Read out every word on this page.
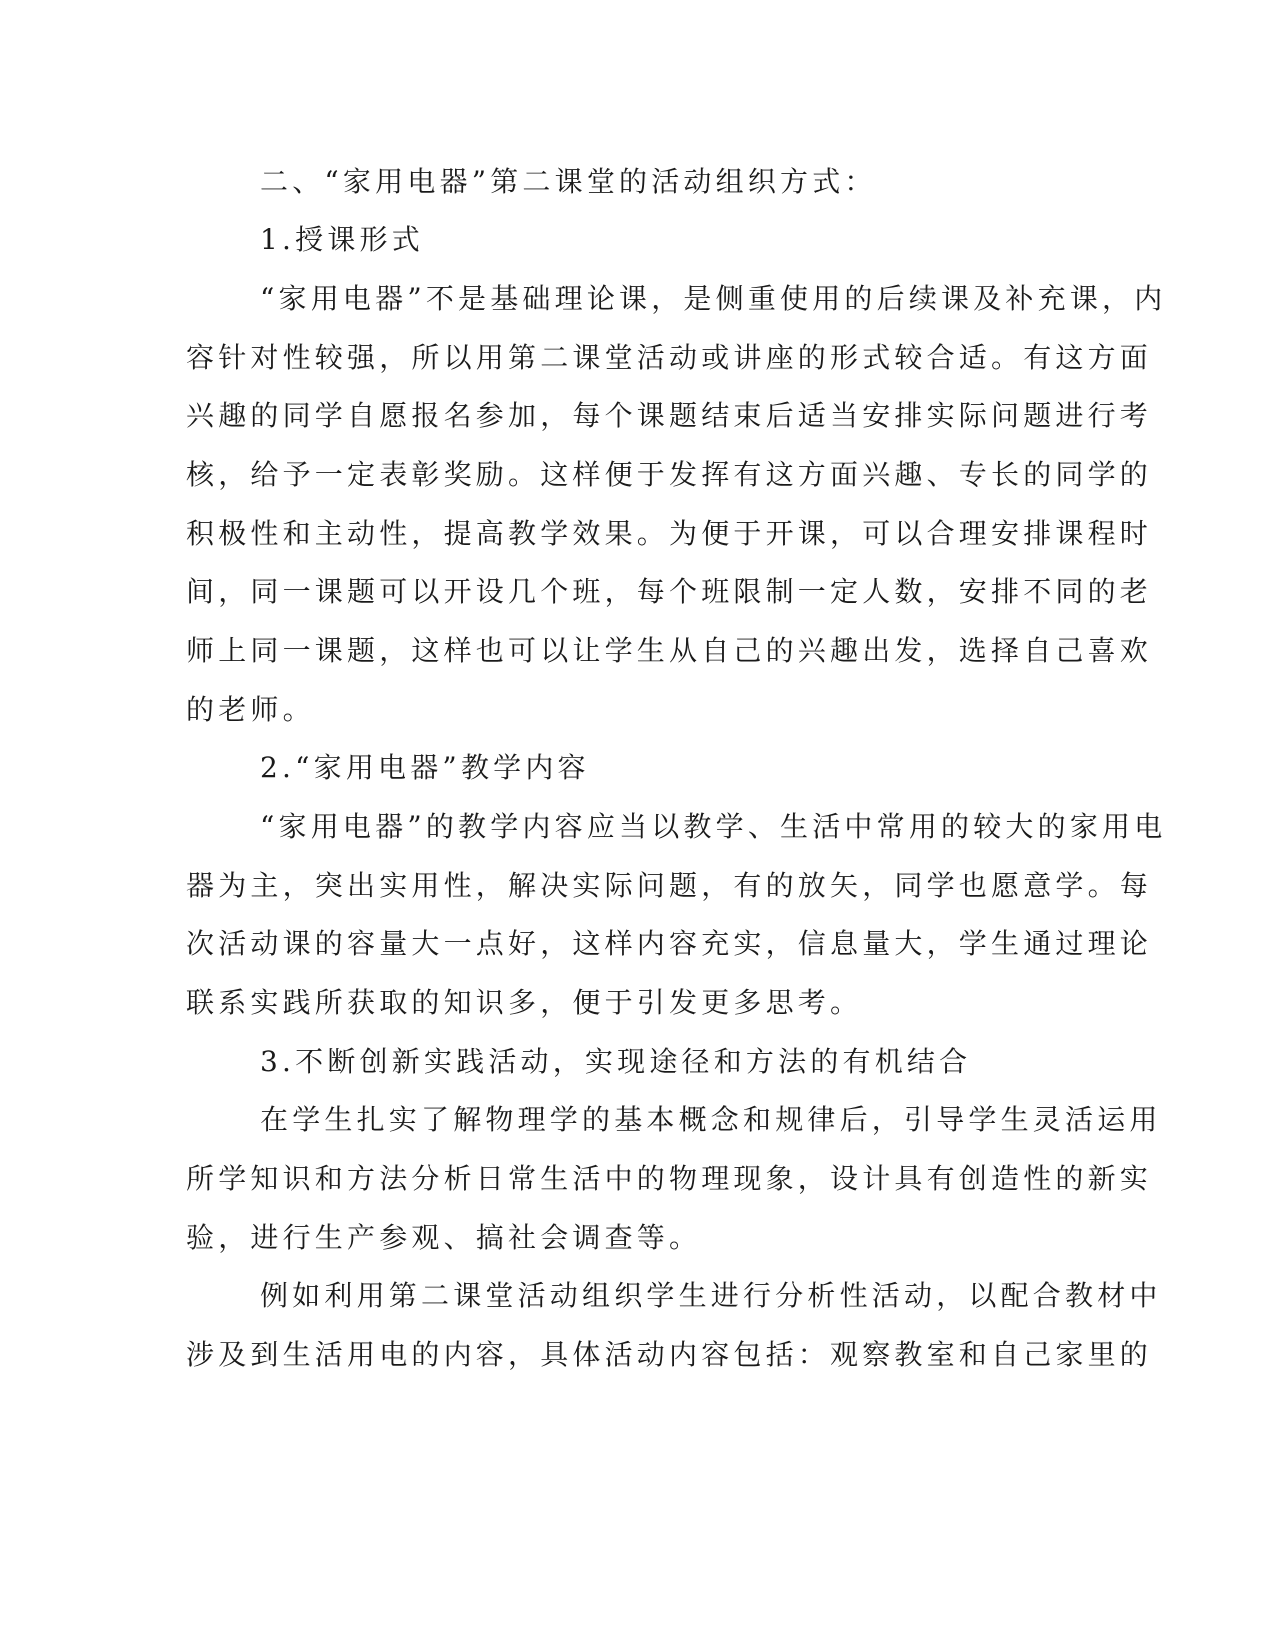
二、“家用电器”第二课堂的活动组织方式：
1.授课形式
“家用电器”不是基础理论课，是侧重使用的后续课及补充课，内
容针对性较强，所以用第二课堂活动或讲座的形式较合适。有这方面
兴趣的同学自愿报名参加，每个课题结束后适当安排实际问题进行考
核，给予一定表彰奖励。这样便于发挥有这方面兴趣、专长的同学的
积极性和主动性，提高教学效果。为便于开课，可以合理安排课程时
间，同一课题可以开设几个班，每个班限制一定人数，安排不同的老
师上同一课题，这样也可以让学生从自己的兴趣出发，选择自己喜欢
的老师。
2.“家用电器”教学内容
“家用电器”的教学内容应当以教学、生活中常用的较大的家用电
器为主，突出实用性，解决实际问题，有的放矢，同学也愿意学。每
次活动课的容量大一点好，这样内容充实，信息量大，学生通过理论
联系实践所获取的知识多，便于引发更多思考。
3.不断创新实践活动，实现途径和方法的有机结合
在学生扎实了解物理学的基本概念和规律后，引导学生灵活运用
所学知识和方法分析日常生活中的物理现象，设计具有创造性的新实
验，进行生产参观、搞社会调查等。
例如利用第二课堂活动组织学生进行分析性活动，以配合教材中
涉及到生活用电的内容，具体活动内容包括：观察教室和自己家里的
